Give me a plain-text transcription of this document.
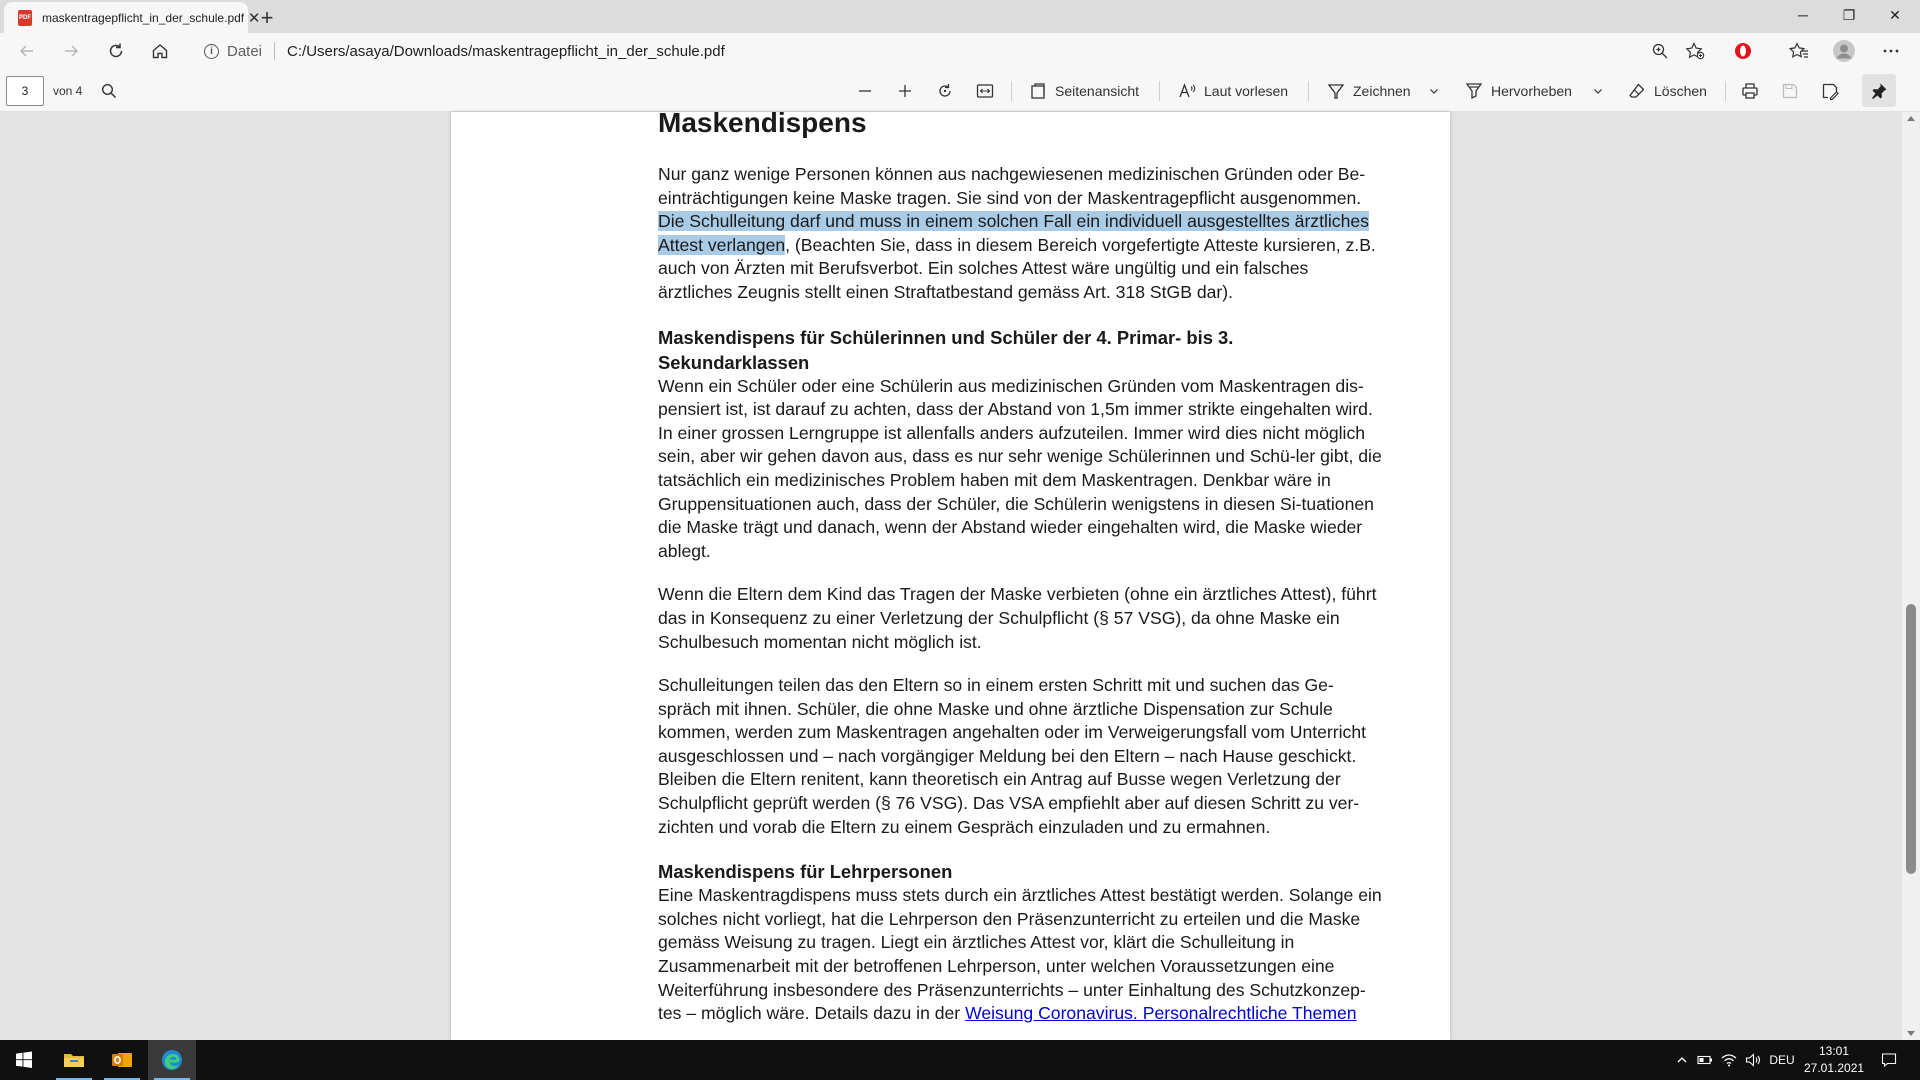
PDF maskentragepflicht_in_der_schule.pdf ✕ +	─	❐	✕
i Datei C:/Users/asaya/Downloads/maskentragepflicht_in_der_schule.pdf
3
von 4	Seitenansicht	Laut vorlesen	Zeichnen	Hervorheben	Löschen
Maskendispens

Nur ganz wenige Personen können aus nachgewiesenen medizinischen Gründen oder Be-einträchtigungen keine Maske tragen. Sie sind von der Maskentragepflicht ausgenommen. Die Schulleitung darf und muss in einem solchen Fall ein individuell ausgestelltes ärztliches Attest verlangen, (Beachten Sie, dass in diesem Bereich vorgefertigte Atteste kursieren, z.B. auch von Ärzten mit Berufsverbot. Ein solches Attest wäre ungültig und ein falsches ärztliches Zeugnis stellt einen Straftatbestand gemäss Art. 318 StGB dar).

Maskendispens für Schülerinnen und Schüler der 4. Primar- bis 3. Sekundarklassen

Wenn ein Schüler oder eine Schülerin aus medizinischen Gründen vom Maskentragen dis-pensiert ist, ist darauf zu achten, dass der Abstand von 1,5m immer strikte eingehalten wird. In einer grossen Lerngruppe ist allenfalls anders aufzuteilen. Immer wird dies nicht möglich sein, aber wir gehen davon aus, dass es nur sehr wenige Schülerinnen und Schü-ler gibt, die tatsächlich ein medizinisches Problem haben mit dem Maskentragen. Denkbar wäre in Gruppensituationen auch, dass der Schüler, die Schülerin wenigstens in diesen Si-tuationen die Maske trägt und danach, wenn der Abstand wieder eingehalten wird, die Maske wieder ablegt.

Wenn die Eltern dem Kind das Tragen der Maske verbieten (ohne ein ärztliches Attest), führt das in Konsequenz zu einer Verletzung der Schulpflicht (§ 57 VSG), da ohne Maske ein Schulbesuch momentan nicht möglich ist.

Schulleitungen teilen das den Eltern so in einem ersten Schritt mit und suchen das Ge-spräch mit ihnen. Schüler, die ohne Maske und ohne ärztliche Dispensation zur Schule kommen, werden zum Maskentragen angehalten oder im Verweigerungsfall vom Unterricht ausgeschlossen und – nach vorgängiger Meldung bei den Eltern – nach Hause geschickt. Bleiben die Eltern renitent, kann theoretisch ein Antrag auf Busse wegen Verletzung der Schulpflicht geprüft werden (§ 76 VSG). Das VSA empfiehlt aber auf diesen Schritt zu ver-zichten und vorab die Eltern zu einem Gespräch einzuladen und zu ermahnen.

Maskendispens für Lehrpersonen

Eine Maskentragdispens muss stets durch ein ärztliches Attest bestätigt werden. Solange ein solches nicht vorliegt, hat die Lehrperson den Präsenzunterricht zu erteilen und die Maske gemäss Weisung zu tragen. Liegt ein ärztliches Attest vor, klärt die Schulleitung in Zusammenarbeit mit der betroffenen Lehrperson, unter welchen Voraussetzungen eine Weiterführung insbesondere des Präsenzunterrichts – unter Einhaltung des Schutzkonzep-tes – möglich wäre. Details dazu in der Weisung Coronavirus. Personalrechtliche Themen

DEU
13:01
27.01.2021
